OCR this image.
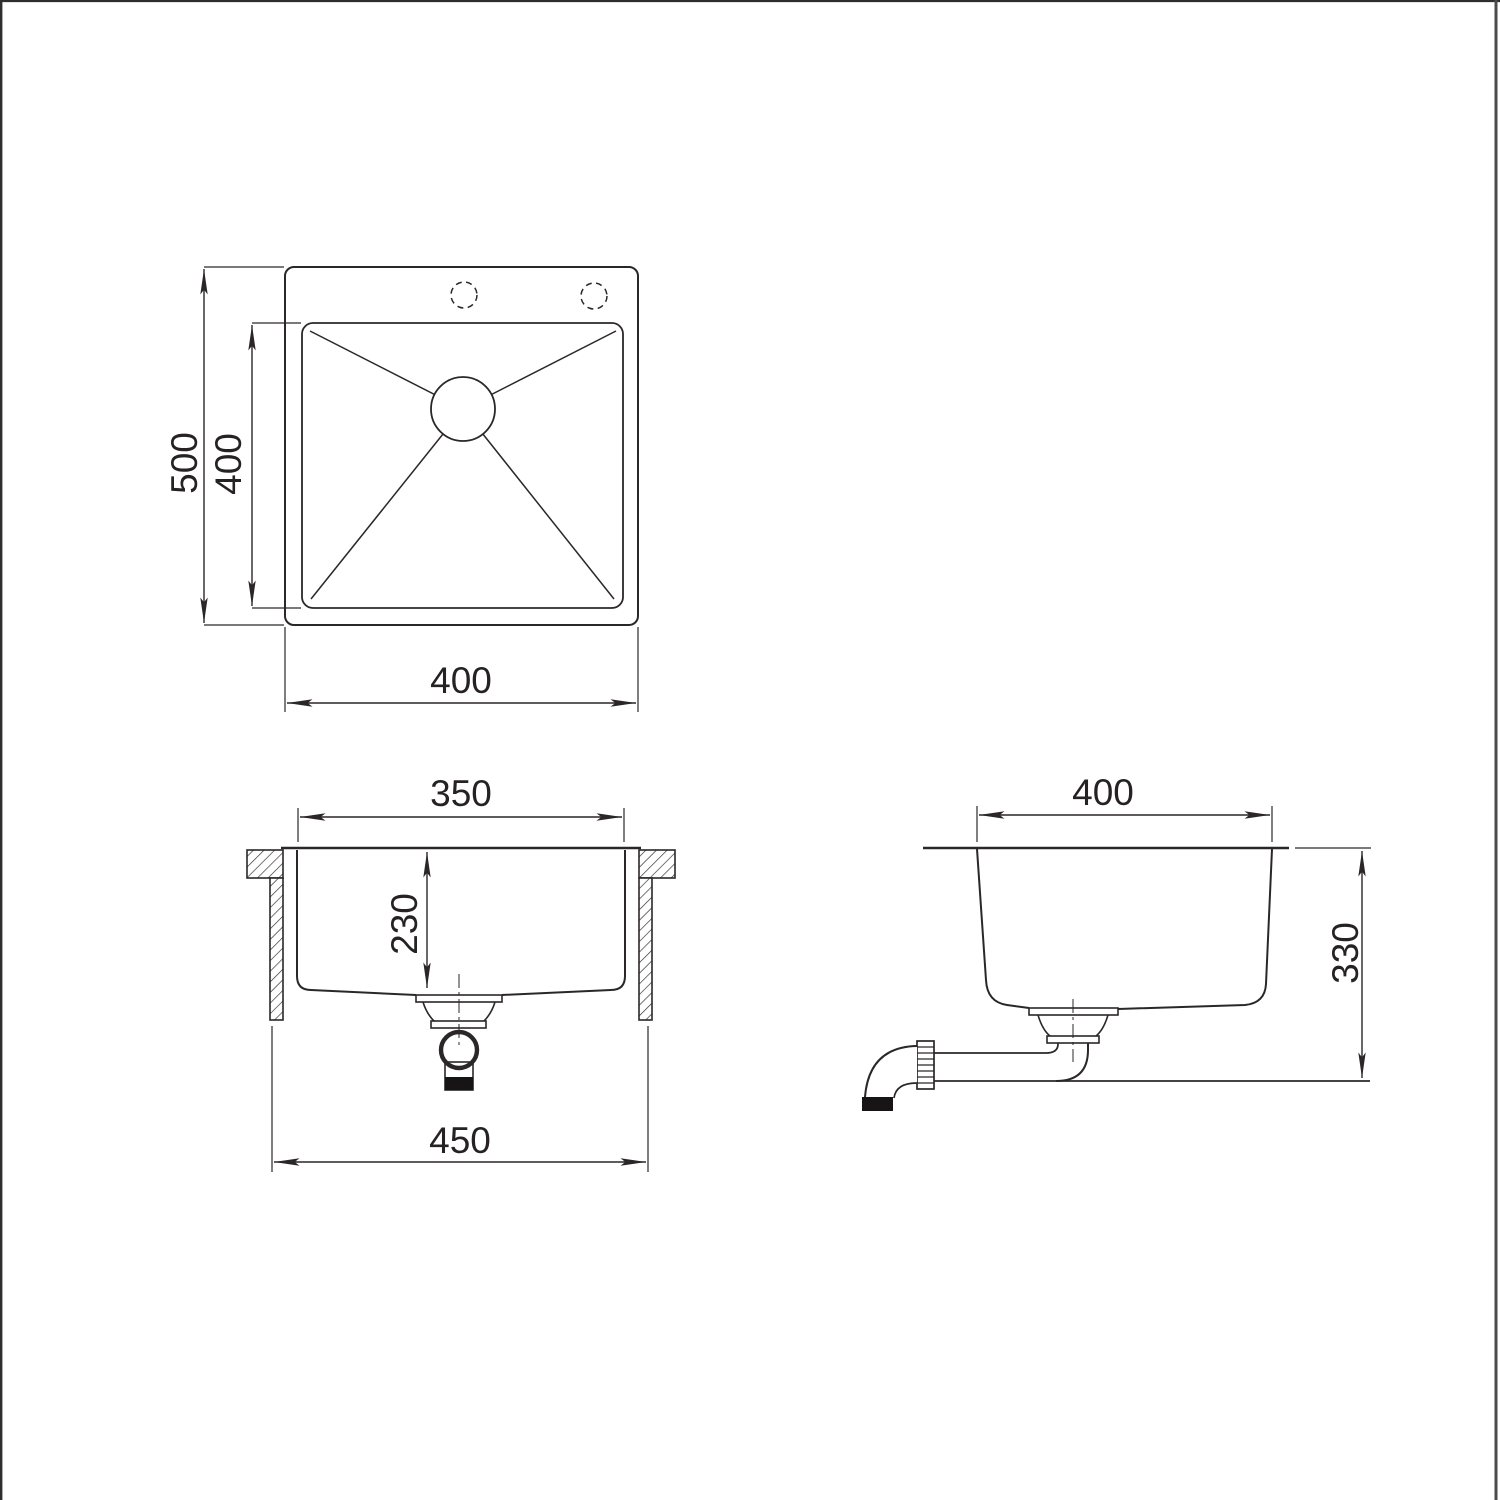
500 400
400
230
350
450
400
330
